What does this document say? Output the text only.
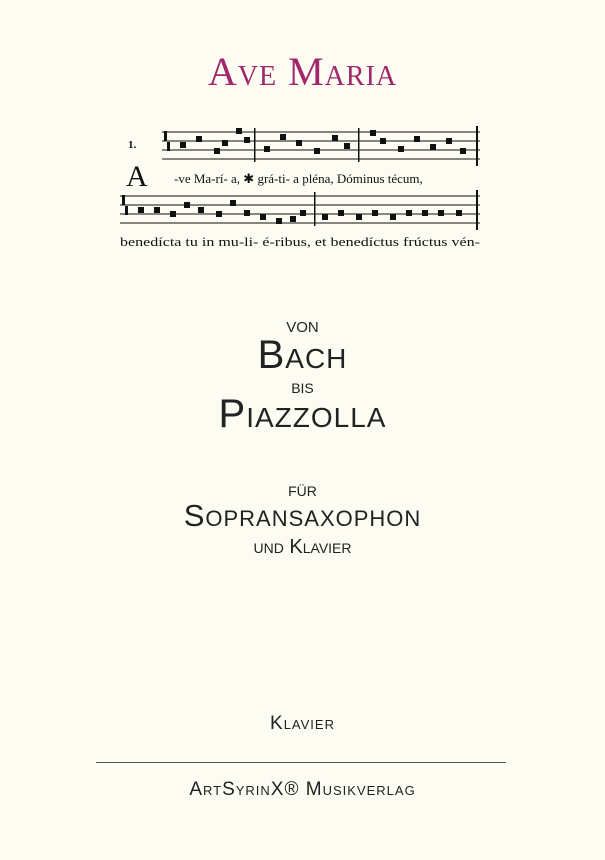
Ave Maria
1.
A -ve Ma-rí- a, ✱ grá-ti- a pléna, Dóminus técum,
benedícta tu in mu-li- é-ribus, et benedíctus frúctus vén-
von
Bach
bis
Piazzolla
für
Sopransaxophon
und Klavier
Klavier
ArtSyrinX® Musikverlag
